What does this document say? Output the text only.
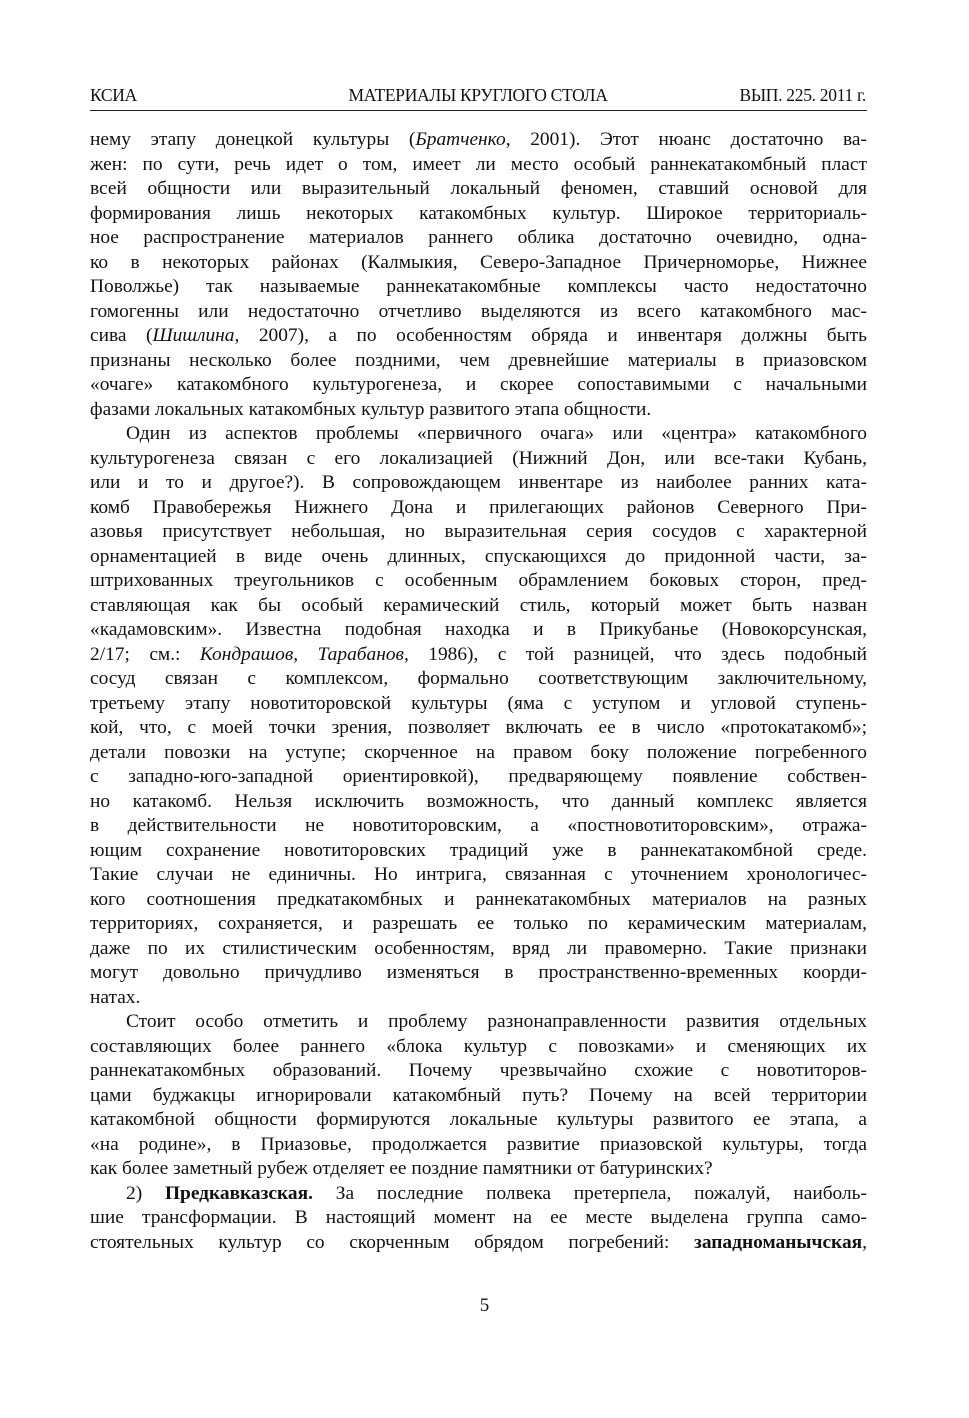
КСИА	МАТЕРИАЛЫ КРУГЛОГО СТОЛА	ВЫП. 225. 2011 г.
нему этапу донецкой культуры (Братченко, 2001). Этот нюанс достаточно ва-
жен: по сути, речь идет о том, имеет ли место особый раннекатакомбный пласт
всей общности или выразительный локальный феномен, ставший основой для
формирования лишь некоторых катакомбных культур. Широкое территориаль-
ное распространение материалов раннего облика достаточно очевидно, одна-
ко в некоторых районах (Калмыкия, Северо-Западное Причерноморье, Нижнее
Поволжье) так называемые раннекатакомбные комплексы часто недостаточно
гомогенны или недостаточно отчетливо выделяются из всего катакомбного мас-
сива (Шишлина, 2007), а по особенностям обряда и инвентаря должны быть
признаны несколько более поздними, чем древнейшие материалы в приазовском
«очаге» катакомбного культурогенеза, и скорее сопоставимыми с начальными
фазами локальных катакомбных культур развитого этапа общности.
Один из аспектов проблемы «первичного очага» или «центра» катакомбного
культурогенеза связан с его локализацией (Нижний Дон, или все-таки Кубань,
или и то и другое?). В сопровождающем инвентаре из наиболее ранних ката-
комб Правобережья Нижнего Дона и прилегающих районов Северного При-
азовья присутствует небольшая, но выразительная серия сосудов с характерной
орнаментацией в виде очень длинных, спускающихся до придонной части, за-
штрихованных треугольников с особенным обрамлением боковых сторон, пред-
ставляющая как бы особый керамический стиль, который может быть назван
«кадамовским». Известна подобная находка и в Прикубанье (Новокорсунская,
2/17; см.: Кондрашов, Тарабанов, 1986), с той разницей, что здесь подобный
сосуд связан с комплексом, формально соответствующим заключительному,
третьему этапу новотиторовской культуры (яма с уступом и угловой ступень-
кой, что, с моей точки зрения, позволяет включать ее в число «протокатакомб»;
детали повозки на уступе; скорченное на правом боку положение погребенного
с западно-юго-западной ориентировкой), предваряющему появление собствен-
но катакомб. Нельзя исключить возможность, что данный комплекс является
в действительности не новотиторовским, а «постновотиторовским», отража-
ющим сохранение новотиторовских традиций уже в раннекатакомбной среде.
Такие случаи не единичны. Но интрига, связанная с уточнением хронологичес-
кого соотношения предкатакомбных и раннекатакомбных материалов на разных
территориях, сохраняется, и разрешать ее только по керамическим материалам,
даже по их стилистическим особенностям, вряд ли правомерно. Такие признаки
могут довольно причудливо изменяться в пространственно-временных коорди-
натах.
Стоит особо отметить и проблему разнонаправленности развития отдельных
составляющих более раннего «блока культур с повозками» и сменяющих их
раннекатакомбных образований. Почему чрезвычайно схожие с новотиторов-
цами буджакцы игнорировали катакомбный путь? Почему на всей территории
катакомбной общности формируются локальные культуры развитого ее этапа, а
«на родине», в Приазовье, продолжается развитие приазовской культуры, тогда
как более заметный рубеж отделяет ее поздние памятники от батуринских?
2) Предкавказская. За последние полвека претерпела, пожалуй, наиболь-
шие трансформации. В настоящий момент на ее месте выделена группа само-
стоятельных культур со скорченным обрядом погребений: западноманычская,
5
